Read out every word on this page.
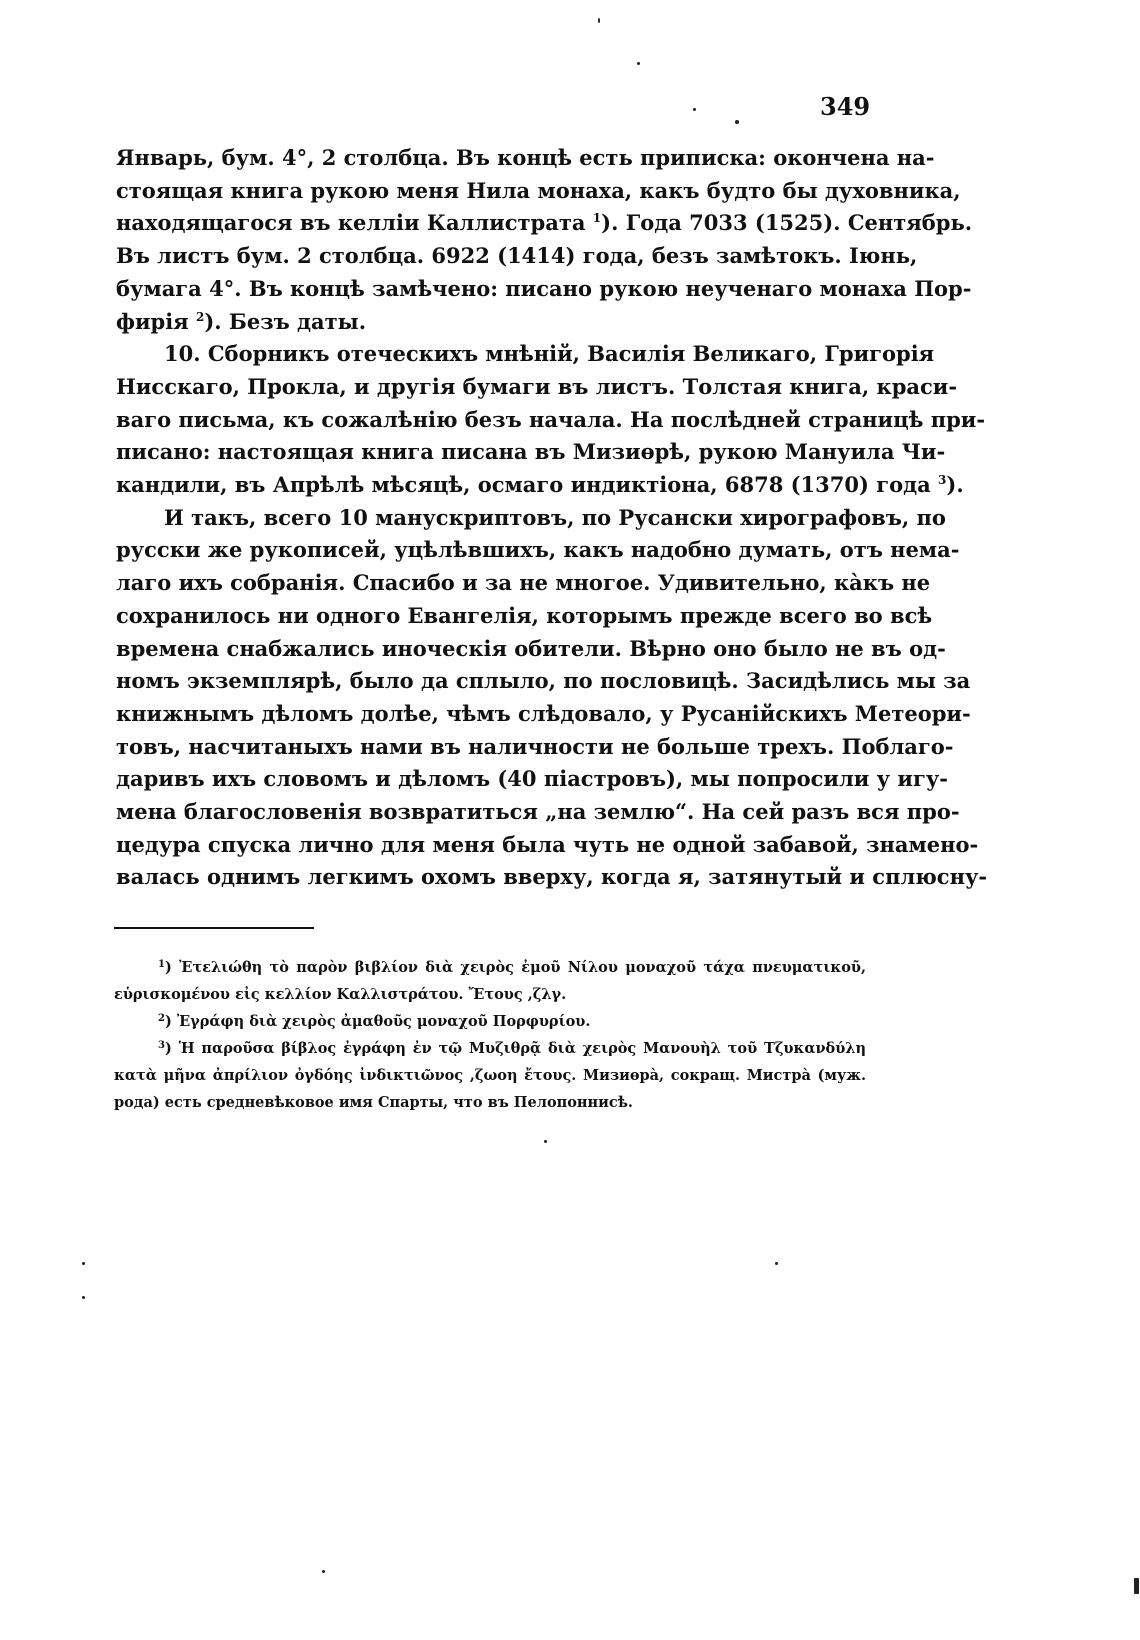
349
Январь, бум. 4°, 2 столбца. Въ концѣ есть приписка: окончена на-
стоящая книга рукою меня Нила монаха, какъ будто бы духовника,
находящагося въ келліи Каллистрата $^1$). Года 7033 (1525). Сентябрь.
Въ листъ бум. 2 столбца. 6922 (1414) года, безъ замѣтокъ. Іюнь,
бумага 4°. Въ концѣ замѣчено: писано рукою неученаго монаха Пор-
фирія $^2$). Безъ даты.
10. Сборникъ отеческихъ мнѣній, Василія Великаго, Григорія
Нисскаго, Прокла, и другія бумаги въ листъ. Толстая книга, краси-
ваго письма, къ сожалѣнію безъ начала. На послѣдней страницѣ при-
писано: настоящая книга писана въ Мизиөрѣ, рукою Мануила Чи-
кандили, въ Апрѣлѣ мѣсяцѣ, осмаго индиктіона, 6878 (1370) года $^3$).
И такъ, всего 10 манускриптовъ, по Русански хирографовъ, по
русски же рукописей, уцѣлѣвшихъ, какъ надобно думать, отъ нема-
лаго ихъ собранія. Спасибо и за не многое. Удивительно, кàкъ не
сохранилось ни одного Евангелія, которымъ прежде всего во всѣ
времена снабжались иноческія обители. Вѣрно оно было не въ од-
номъ экземплярѣ, было да сплыло, по пословицѣ. Засидѣлись мы за
книжнымъ дѣломъ долѣе, чѣмъ слѣдовало, у Русанійскихъ Метеори-
товъ, насчитаныхъ нами въ наличности не больше трехъ. Поблаго-
даривъ ихъ словомъ и дѣломъ (40 піастровъ), мы попросили у игу-
мена благословенія возвратиться „на землю“. На сей разъ вся про-
цедура спуска лично для меня была чуть не одной забавой, знамено-
валась однимъ легкимъ охомъ вверху, когда я, затянутый и сплюсну-
$^1$) Ἐτελιώθη τὸ παρὸν βιβλίον διὰ χειρὸς ἐμοῦ Νίλου μοναχοῦ τάχα πνευματικοῦ,
εὑρισκομένου εἰς κελλίον Καλλιστράτου. Ἔτους ,ζλγ.
$^2$) Ἐγράφη διὰ χειρὸς ἀμαθοῦς μοναχοῦ Πορφυρίου.
$^3$) Ἡ παροῦσα βίβλος ἐγράφη ἐν τῷ Μυζιθρᾷ διὰ χειρὸς Μανουὴλ τοῦ Τζυκανδύλη
κατὰ μῆνα ἀπρίλιον ὀγδόης ἰνδικτιῶνος ,ζωοη ἔτους. Мизиөрà, сокращ. Мистрà (муж.
рода) есть средневѣковое имя Спарты, что въ Пелопоннисѣ.
